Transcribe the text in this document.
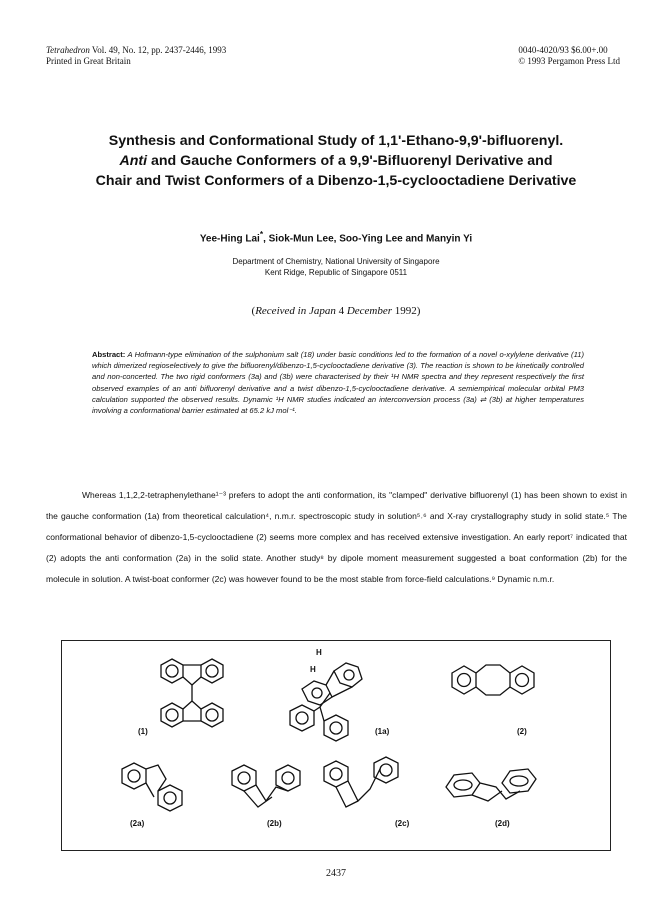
Tetrahedron Vol. 49, No. 12, pp. 2437-2446, 1993
Printed in Great Britain
0040-4020/93 $6.00+.00
© 1993 Pergamon Press Ltd
Synthesis and Conformational Study of 1,1'-Ethano-9,9'-bifluorenyl.
Anti and Gauche Conformers of a 9,9'-Bifluorenyl Derivative and
Chair and Twist Conformers of a Dibenzo-1,5-cyclooctadiene Derivative
Yee-Hing Lai*, Siok-Mun Lee, Soo-Ying Lee and Manyin Yi
Department of Chemistry, National University of Singapore
Kent Ridge, Republic of Singapore 0511
(Received in Japan 4 December 1992)
Abstract: A Hofmann-type elimination of the sulphonium salt (18) under basic conditions led to the formation of a novel o-xylylene derivative (11) which dimerized regioselectively to give the bifluorenyl/dibenzo-1,5-cyclooctadiene derivative (3). The reaction is shown to be kinetically controlled and non-concerted. The two rigid conformers (3a) and (3b) were characterised by their ¹H NMR spectra and they represent respectively the first observed examples of an anti bifluorenyl derivative and a twist dibenzo-1,5-cyclooctadiene derivative. A semiempirical molecular orbital PM3 calculation supported the observed results. Dynamic ¹H NMR studies indicated an interconversion process (3a) ⇌ (3b) at higher temperatures involving a conformational barrier estimated at 65.2 kJ mol⁻¹.
Whereas 1,1,2,2-tetraphenylethane¹⁻³ prefers to adopt the anti conformation, its "clamped" derivative bifluorenyl (1) has been shown to exist in the gauche conformation (1a) from theoretical calculation⁴, n.m.r. spectroscopic study in solution⁵˒⁶ and X-ray crystallography study in solid state.⁵ The conformational behavior of dibenzo-1,5-cyclooctadiene (2) seems more complex and has received extensive investigation. An early report⁷ indicated that (2) adopts the anti conformation (2a) in the solid state. Another study⁸ by dipole moment measurement suggested a boat conformation (2b) for the molecule in solution. A twist-boat conformer (2c) was however found to be the most stable from force-field calculations.⁹ Dynamic n.m.r.
H
H
(1)	(1a)	(2)
(2a)	(2b)	(2c)	(2d)
2437
